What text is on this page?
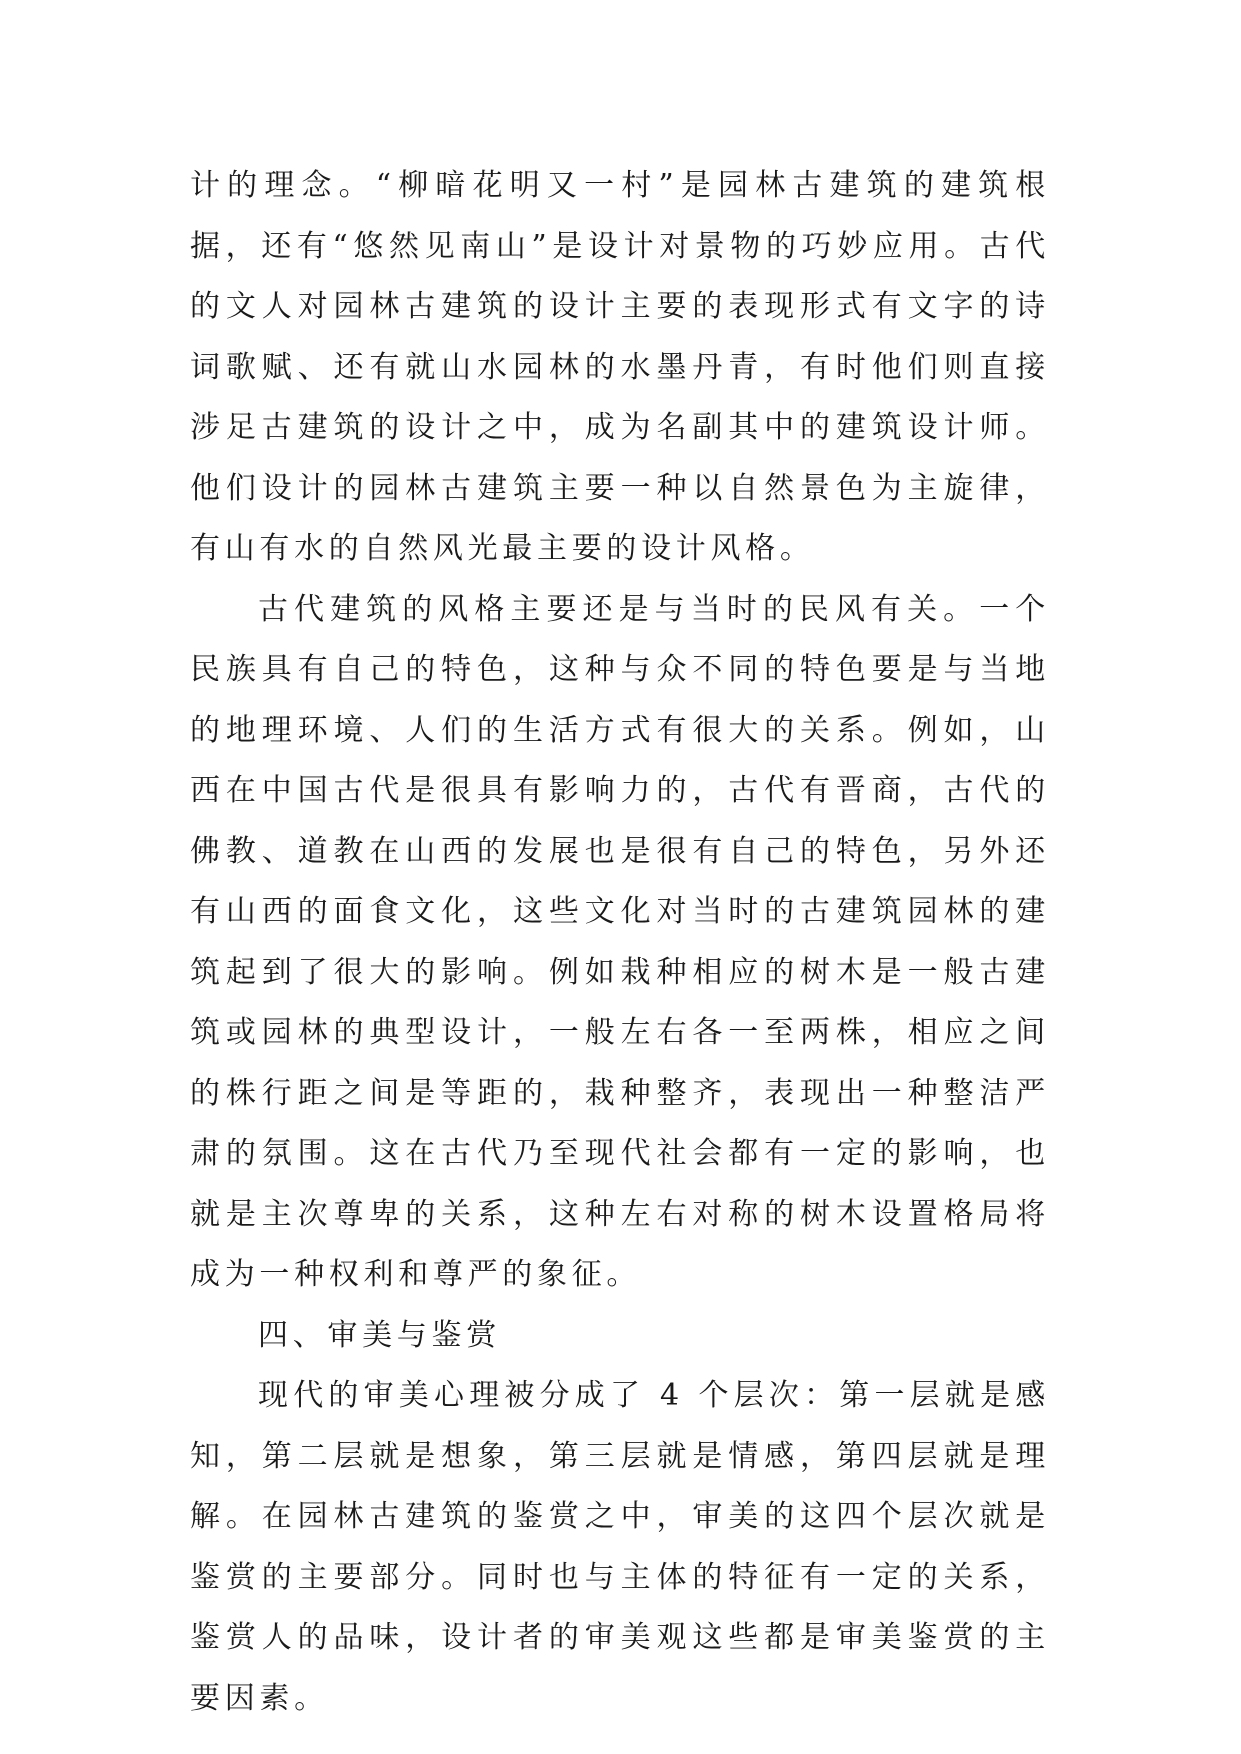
计的理念。“柳暗花明又一村”是园林古建筑的建筑根据，还有“悠然见南山”是设计对景物的巧妙应用。古代的文人对园林古建筑的设计主要的表现形式有文字的诗词歌赋、还有就山水园林的水墨丹青，有时他们则直接涉足古建筑的设计之中，成为名副其中的建筑设计师。他们设计的园林古建筑主要一种以自然景色为主旋律，有山有水的自然风光最主要的设计风格。

古代建筑的风格主要还是与当时的民风有关。一个民族具有自己的特色，这种与众不同的特色要是与当地的地理环境、人们的生活方式有很大的关系。例如，山西在中国古代是很具有影响力的，古代有晋商，古代的佛教、道教在山西的发展也是很有自己的特色，另外还有山西的面食文化，这些文化对当时的古建筑园林的建筑起到了很大的影响。例如栽种相应的树木是一般古建筑或园林的典型设计，一般左右各一至两株，相应之间的株行距之间是等距的，栽种整齐，表现出一种整洁严肃的氛围。这在古代乃至现代社会都有一定的影响，也就是主次尊卑的关系，这种左右对称的树木设置格局将成为一种权利和尊严的象征。

四、审美与鉴赏

现代的审美心理被分成了 4 个层次：第一层就是感知，第二层就是想象，第三层就是情感，第四层就是理解。在园林古建筑的鉴赏之中，审美的这四个层次就是鉴赏的主要部分。同时也与主体的特征有一定的关系，鉴赏人的品味，设计者的审美观这些都是审美鉴赏的主要因素。
